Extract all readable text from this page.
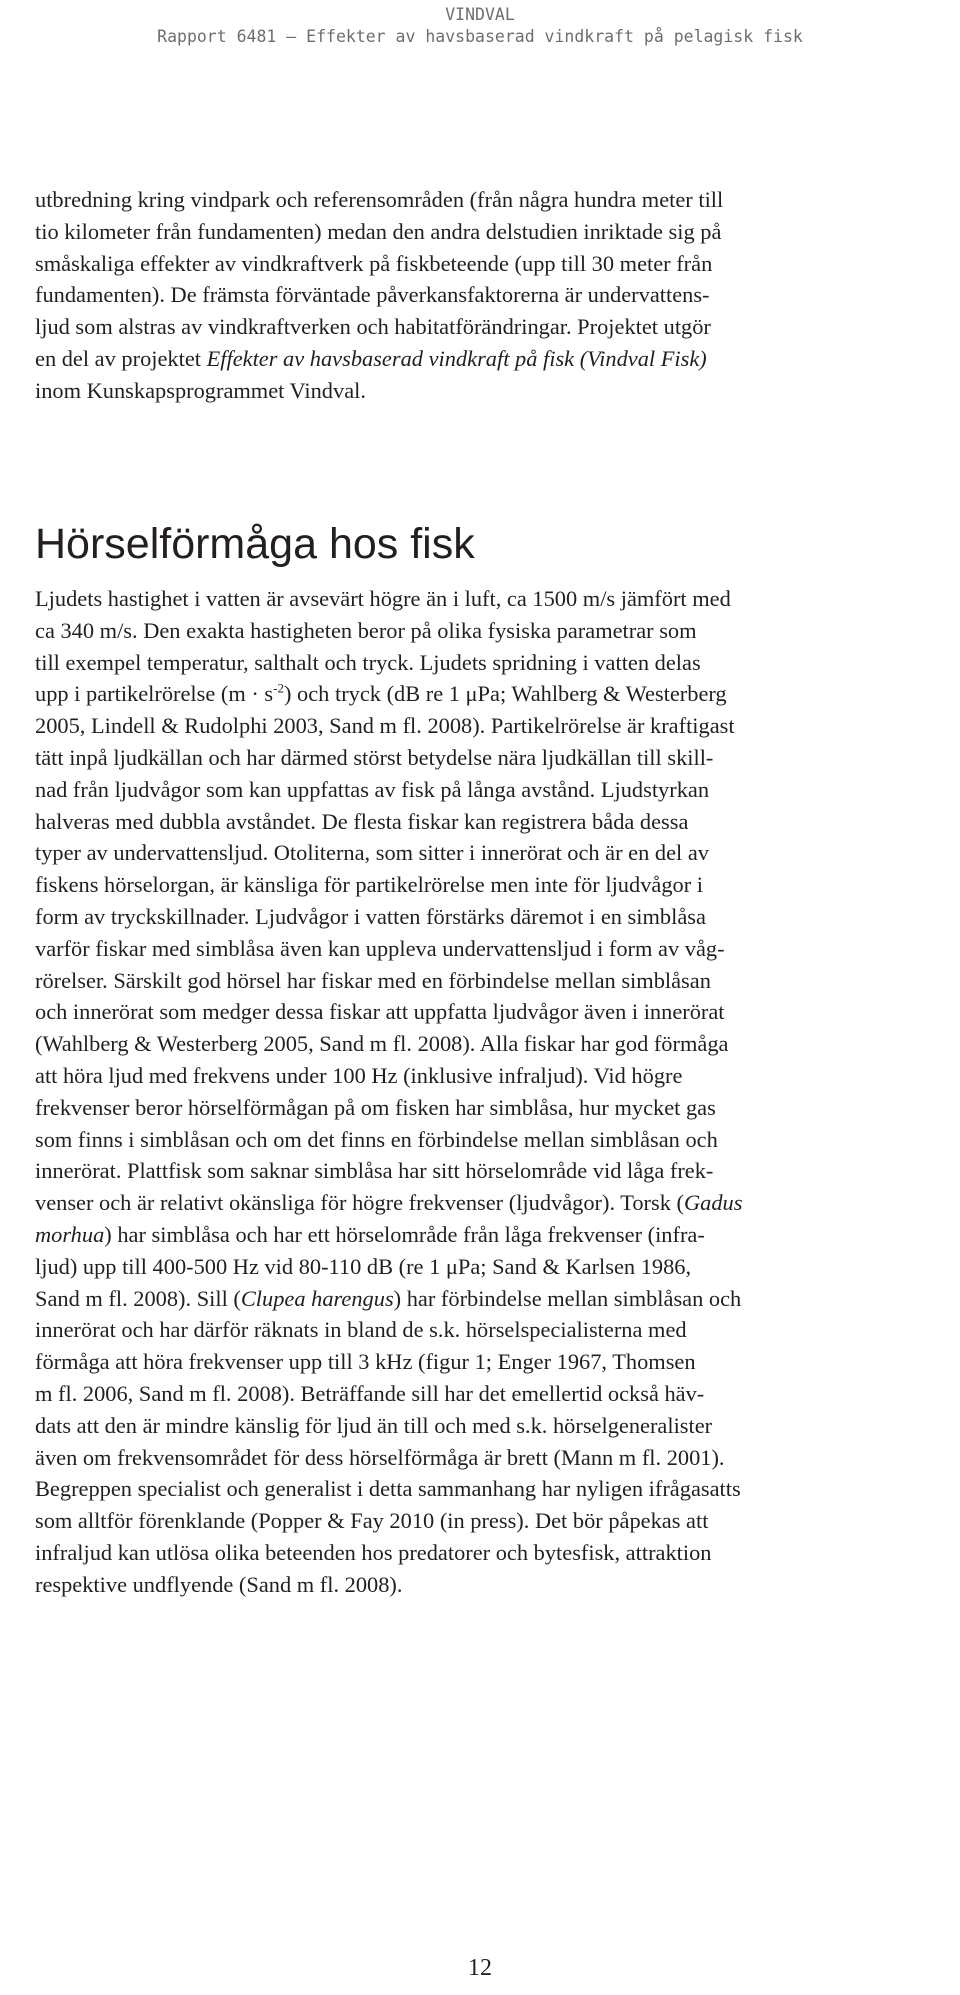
VINDVAL
Rapport 6481 – Effekter av havsbaserad vindkraft på pelagisk fisk
utbredning kring vindpark och referensområden (från några hundra meter till
tio kilometer från fundamenten) medan den andra delstudien inriktade sig på
småskaliga effekter av vindkraftverk på fiskbeteende (upp till 30 meter från
fundamenten). De främsta förväntade påverkansfaktorerna är undervattens-
ljud som alstras av vindkraftverken och habitatförändringar. Projektet utgör
en del av projektet Effekter av havsbaserad vindkraft på fisk (Vindval Fisk)
inom Kunskapsprogrammet Vindval.
Hörselförmåga hos fisk
Ljudets hastighet i vatten är avsevärt högre än i luft, ca 1500 m/s jämfört med
ca 340 m/s. Den exakta hastigheten beror på olika fysiska parametrar som
till exempel temperatur, salthalt och tryck. Ljudets spridning i vatten delas
upp i partikelrörelse $(m \cdot s^{-2})$ och tryck (dB re 1 μPa; Wahlberg & Westerberg
2005, Lindell & Rudolphi 2003, Sand m fl. 2008). Partikelrörelse är kraftigast
tätt inpå ljudkällan och har därmed störst betydelse nära ljudkällan till skill-
nad från ljudvågor som kan uppfattas av fisk på långa avstånd. Ljudstyrkan
halveras med dubbla avståndet. De flesta fiskar kan registrera båda dessa
typer av undervattensljud. Otoliterna, som sitter i innerörat och är en del av
fiskens hörselorgan, är känsliga för partikelrörelse men inte för ljudvågor i
form av tryckskillnader. Ljudvågor i vatten förstärks däremot i en simblåsa
varför fiskar med simblåsa även kan uppleva undervattensljud i form av våg-
rörelser. Särskilt god hörsel har fiskar med en förbindelse mellan simblåsan
och innerörat som medger dessa fiskar att uppfatta ljudvågor även i innerörat
(Wahlberg & Westerberg 2005, Sand m fl. 2008). Alla fiskar har god förmåga
att höra ljud med frekvens under 100 Hz (inklusive infraljud). Vid högre
frekvenser beror hörselförmågan på om fisken har simblåsa, hur mycket gas
som finns i simblåsan och om det finns en förbindelse mellan simblåsan och
innerörat. Plattfisk som saknar simblåsa har sitt hörselområde vid låga frek-
venser och är relativt okänsliga för högre frekvenser (ljudvågor). Torsk (Gadus
morhua) har simblåsa och har ett hörselområde från låga frekvenser (infra-
ljud) upp till 400-500 Hz vid 80-110 dB (re 1 μPa; Sand & Karlsen 1986,
Sand m fl. 2008). Sill (Clupea harengus) har förbindelse mellan simblåsan och
innerörat och har därför räknats in bland de s.k. hörselspecialisterna med
förmåga att höra frekvenser upp till 3 kHz (figur 1; Enger 1967, Thomsen
m fl. 2006, Sand m fl. 2008). Beträffande sill har det emellertid också häv-
dats att den är mindre känslig för ljud än till och med s.k. hörselgeneralister
även om frekvensområdet för dess hörselförmåga är brett (Mann m fl. 2001).
Begreppen specialist och generalist i detta sammanhang har nyligen ifrågasatts
som alltför förenklande (Popper & Fay 2010 (in press). Det bör påpekas att
infraljud kan utlösa olika beteenden hos predatorer och bytesfisk, attraktion
respektive undflyende (Sand m fl. 2008).
12
